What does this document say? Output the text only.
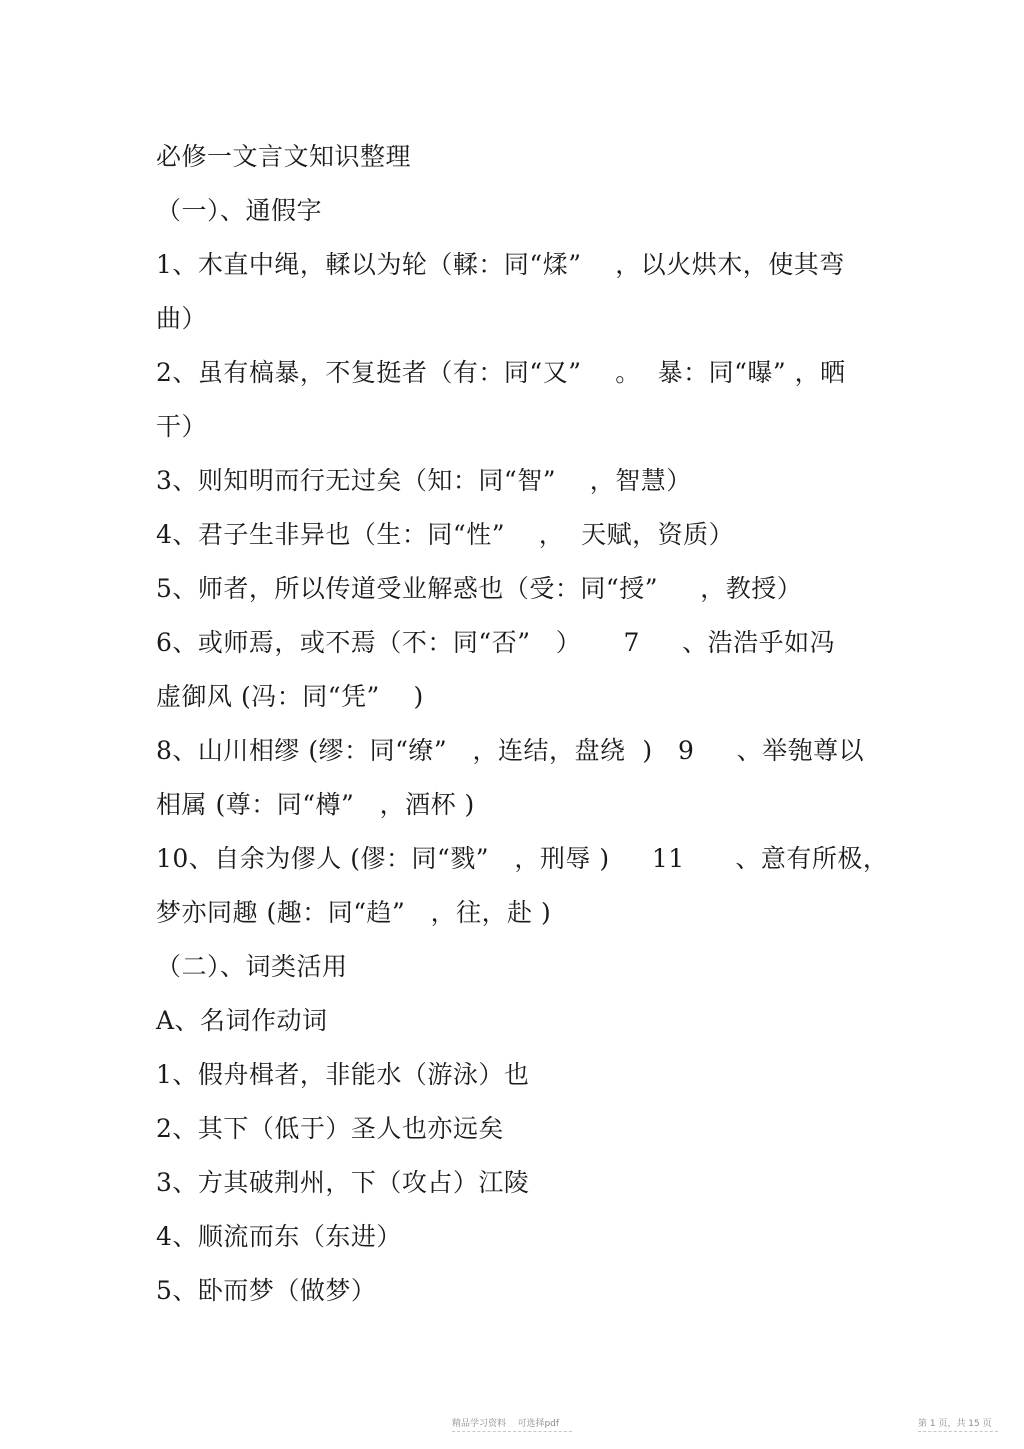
必修一文言文知识整理
（一）、通假字
1、木直中绳，輮以为轮（輮：同“煣”    ，以火烘木，使其弯
曲）
2、虽有槁暴，不复挺者（有：同“又”    。  暴：同“曝” ，晒
干）
3、则知明而行无过矣（知：同“智”    ，智慧）
4、君子生非异也（生：同“性”    ，  天赋，资质）
5、师者，所以传道受业解惑也（受：同“授”     ，教授）
6、或师焉，或不焉（不：同“否”   ）     7     、浩浩乎如冯
虚御风 (冯：同“凭”    )
8、山川相缪 (缪：同“缭”   ，连结，盘绕  )   9     、举匏尊以
相属 (尊：同“樽”   ，酒杯 )
10、自余为僇人 (僇：同“戮”   ，刑辱 )     11      、意有所极，
梦亦同趣 (趣：同“趋”   ，往，赴 )
（二）、词类活用
A、名词作动词
1、假舟楫者，非能水（游泳）也
2、其下（低于）圣人也亦远矣
3、方其破荆州，下（攻占）江陵
4、顺流而东（东进）
5、卧而梦（做梦）
精品学习资料    可选择pdf	第 1 页，共 15 页
